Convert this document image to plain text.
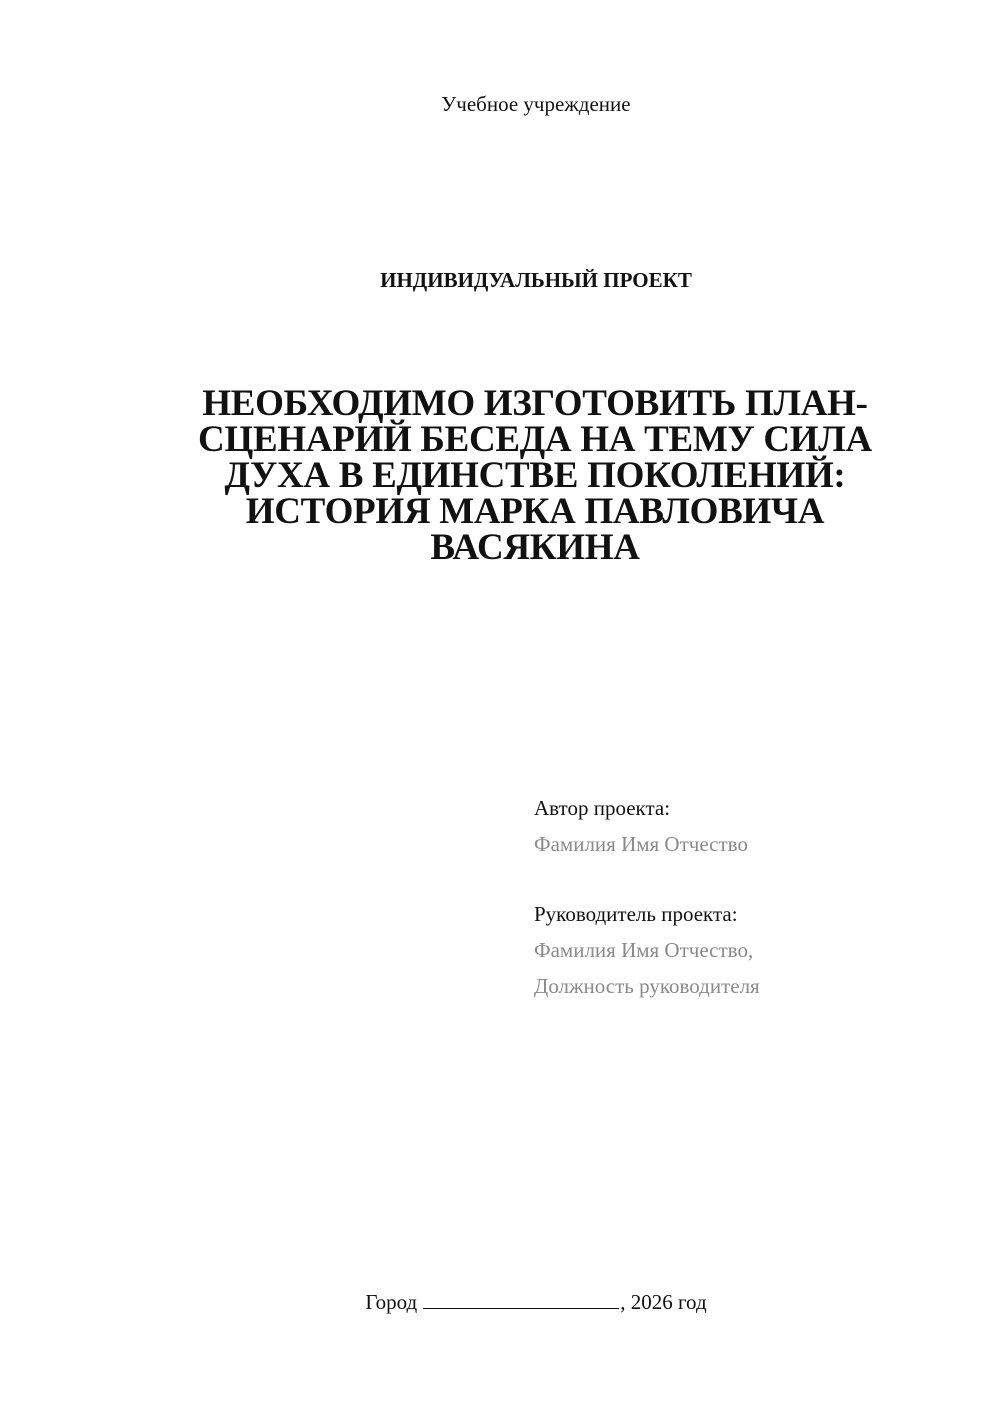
Учебное учреждение
ИНДИВИДУАЛЬНЫЙ ПРОЕКТ
НЕОБХОДИМО ИЗГОТОВИТЬ ПЛАН-
СЦЕНАРИЙ БЕСЕДА НА ТЕМУ СИЛА
ДУХА В ЕДИНСТВЕ ПОКОЛЕНИЙ:
ИСТОРИЯ МАРКА ПАВЛОВИЧА
ВАСЯКИНА
Автор проекта:
Фамилия Имя Отчество
Руководитель проекта:
Фамилия Имя Отчество,
Должность руководителя
Город	, 2026 год
